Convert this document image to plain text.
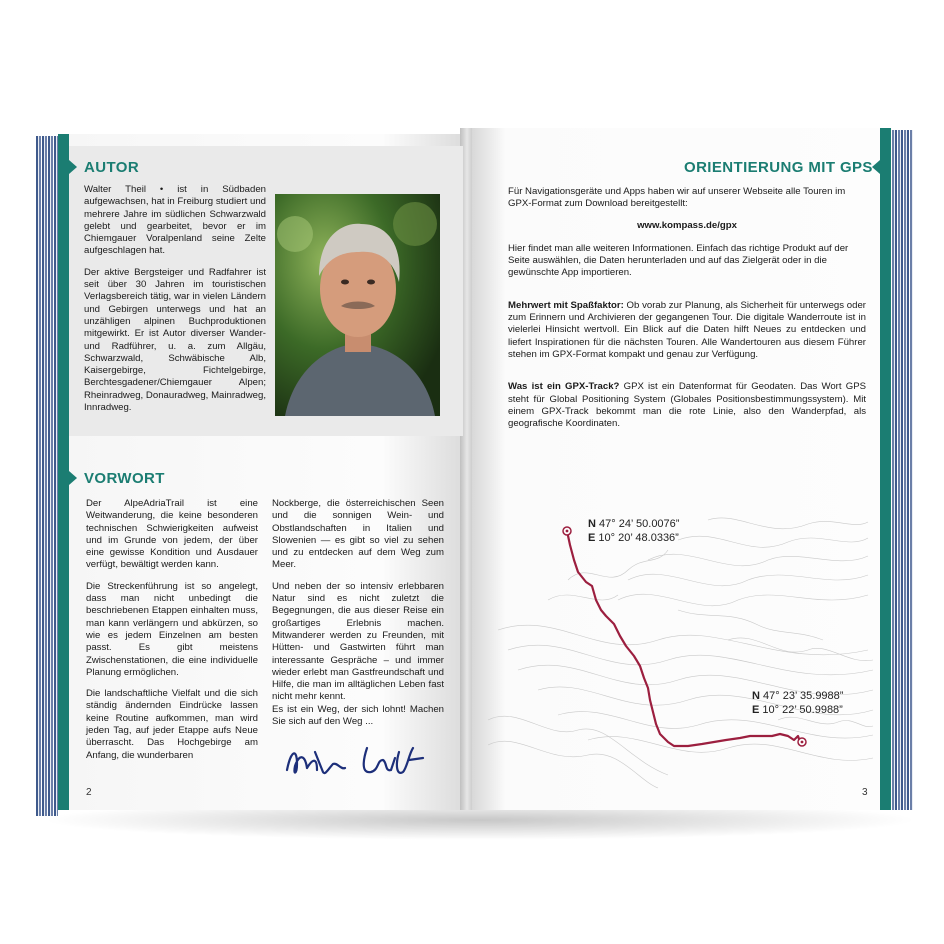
AUTOR

Walter Theil • ist in Südbaden aufgewachsen, hat in Freiburg studiert und mehrere Jahre im südlichen Schwarzwald gelebt und gearbeitet, bevor er im Chiemgauer Voralpenland seine Zelte aufgeschlagen hat.

Der aktive Bergsteiger und Radfahrer ist seit über 30 Jahren im touristischen Verlagsbereich tätig, war in vielen Ländern und Gebirgen unterwegs und hat an unzähligen alpinen Buchproduktionen mitgewirkt. Er ist Autor diverser Wander- und Radführer, u. a. zum Allgäu, Schwarzwald, Schwäbische Alb, Kaisergebirge, Fichtelgebirge, Berchtesgadener/Chiemgauer Alpen; Rheinradweg, Donauradweg, Mainradweg, Innradweg.

VORWORT

Der AlpeAdriaTrail ist eine Weitwanderung, die keine besonderen technischen Schwierigkeiten aufweist und im Grunde von jedem, der über eine gewisse Kondition und Ausdauer verfügt, bewältigt werden kann.

Die Streckenführung ist so angelegt, dass man nicht unbedingt die beschriebenen Etappen einhalten muss, man kann verlängern und abkürzen, so wie es jedem Einzelnen am besten passt. Es gibt meistens Zwischenstationen, die eine individuelle Planung ermöglichen.

Die landschaftliche Vielfalt und die sich ständig ändernden Eindrücke lassen keine Routine aufkommen, man wird jeden Tag, auf jeder Etappe aufs Neue überrascht. Das Hochgebirge am Anfang, die wunderbaren

Nockberge, die österreichischen Seen und die sonnigen Wein- und Obstlandschaften in Italien und Slowenien — es gibt so viel zu sehen und zu entdecken auf dem Weg zum Meer.

Und neben der so intensiv erlebbaren Natur sind es nicht zuletzt die Begegnungen, die aus dieser Reise ein großartiges Erlebnis machen. Mitwanderer werden zu Freunden, mit Hütten- und Gastwirten führt man interessante Gespräche – und immer wieder erlebt man Gastfreundschaft und Hilfe, die man im alltäglichen Leben fast nicht mehr kennt.

Es ist ein Weg, der sich lohnt! Machen Sie sich auf den Weg ...

2
ORIENTIERUNG MIT GPS

Für Navigationsgeräte und Apps haben wir auf unserer Webseite alle Touren im GPX-Format zum Download bereitgestellt:

www.kompass.de/gpx

Hier findet man alle weiteren Informationen. Einfach das richtige Produkt auf der Seite auswählen, die Daten herunterladen und auf das Zielgerät oder in die gewünschte App importieren.

Mehrwert mit Spaßfaktor: Ob vorab zur Planung, als Sicherheit für unterwegs oder zum Erinnern und Archivieren der gegangenen Tour. Die digitale Wanderroute ist in vielerlei Hinsicht wertvoll. Ein Blick auf die Daten hilft Neues zu entdecken und liefert Inspirationen für die nächsten Touren. Alle Wandertouren aus diesem Führer stehen im GPX-Format kompakt und genau zur Verfügung.

Was ist ein GPX-Track? GPX ist ein Datenformat für Geodaten. Das Wort GPS steht für Global Positioning System (Globales Positionsbestimmungssystem). Mit einem GPX-Track bekommt man die rote Linie, also den Wanderpfad, als geografische Koordinaten.

N 47° 24’ 50.0076”
E 10° 20’ 48.0336”
N 47° 23’ 35.9988”
E 10° 22’ 50.9988”
3
